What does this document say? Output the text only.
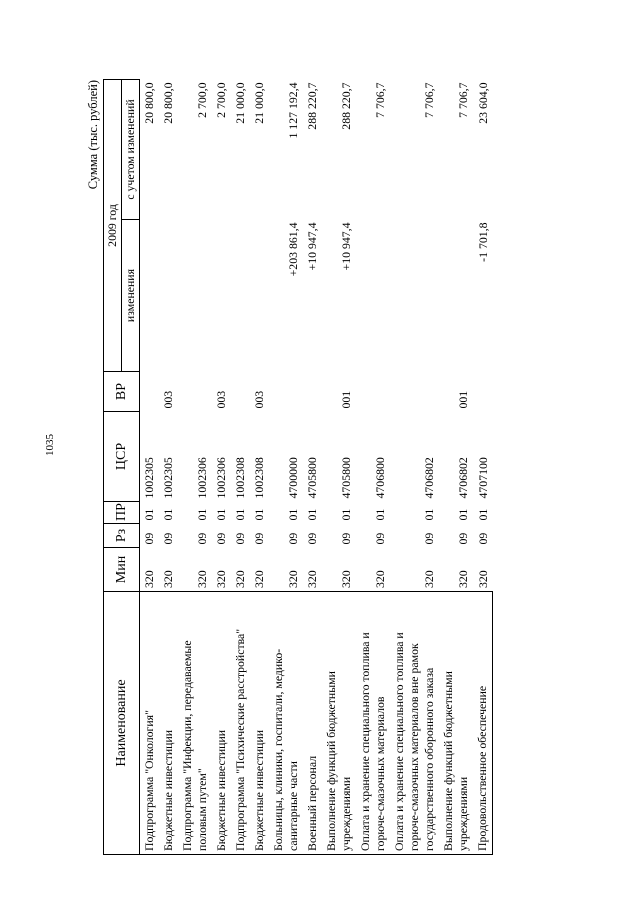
1035
Сумма (тыс. рублей)
Наименование	Мин	Рз	ПР	ЦСР	ВР	2009 год	
						изменения	с учетом изменений
Подпрограмма "Онкология"	320	09	01	1002305			20 800,0
Бюджетные инвестиции	320	09	01	1002305	003		20 800,0
Подпрограмма "Инфекции, передаваемые половым путем"	320	09	01	1002306			2 700,0
Бюджетные инвестиции	320	09	01	1002306	003		2 700,0
Подпрограмма "Психические расстройства"	320	09	01	1002308			21 000,0
Бюджетные инвестиции	320	09	01	1002308	003		21 000,0
Больницы, клиники, госпитали, медико-санитарные части	320	09	01	4700000		+203 861,4	1 127 192,4
Военный персонал	320	09	01	4705800		+10 947,4	288 220,7
Выполнение функций бюджетными учреждениями	320	09	01	4705800	001	+10 947,4	288 220,7
Оплата и хранение специального топлива и горюче-смазочных материалов	320	09	01	4706800			7 706,7
Оплата и хранение специального топлива и горюче-смазочных материалов вне рамок государственного оборонного заказа	320	09	01	4706802			7 706,7
Выполнение функций бюджетными учреждениями	320	09	01	4706802	001		7 706,7
Продовольственное обеспечение	320	09	01	4707100		-1 701,8	23 604,0
